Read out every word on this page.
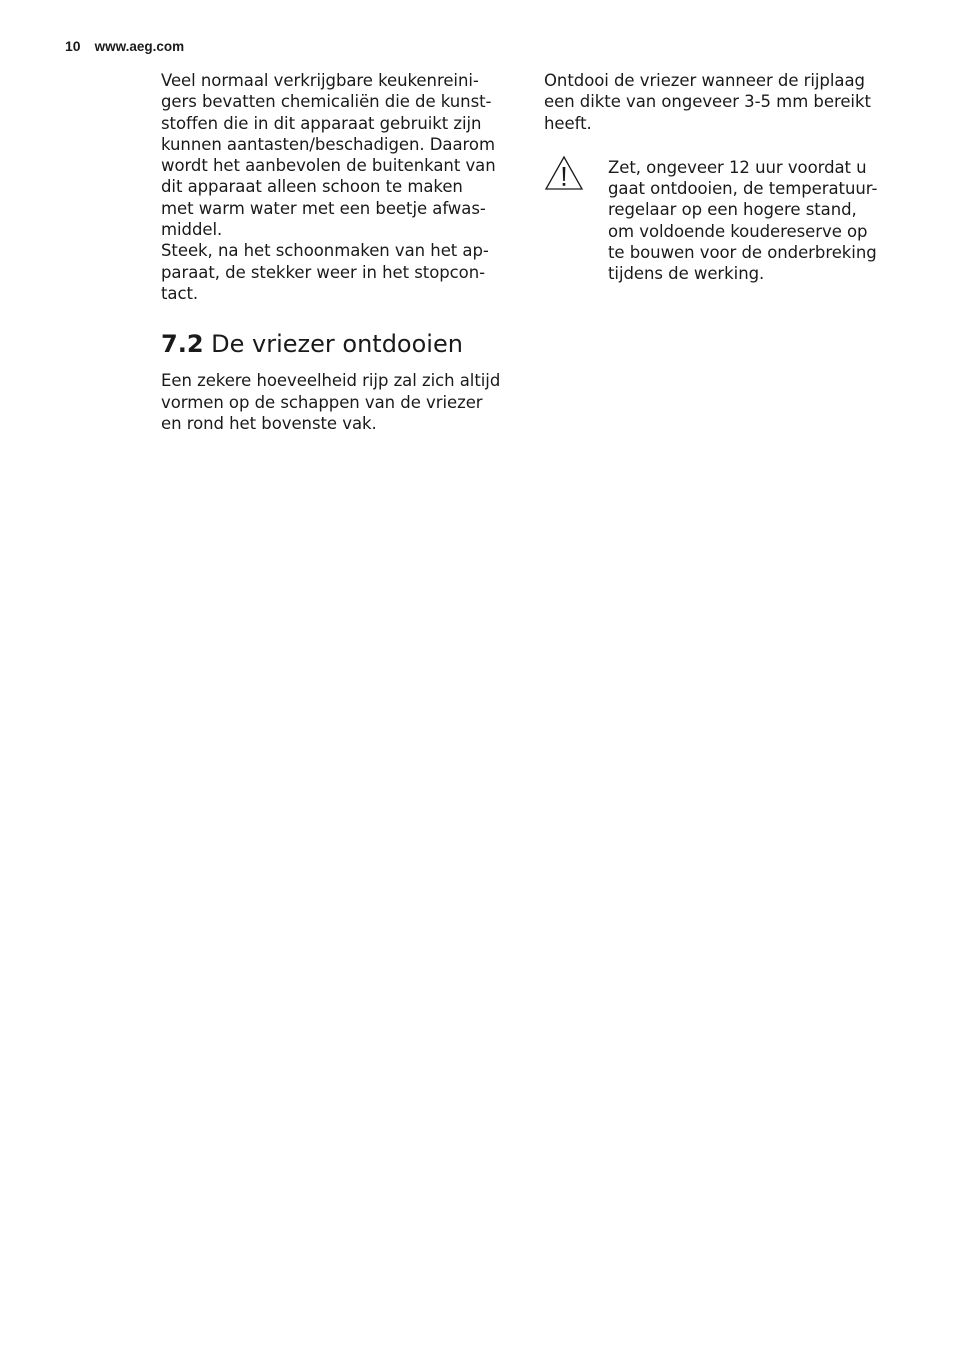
10 www.aeg.com

Veel normaal verkrijgbare keukenreini-
gers bevatten chemicaliën die de kunst-
stoffen die in dit apparaat gebruikt zijn
kunnen aantasten/beschadigen. Daarom
wordt het aanbevolen de buitenkant van
dit apparaat alleen schoon te maken
met warm water met een beetje afwas-
middel.
Steek, na het schoonmaken van het ap-
paraat, de stekker weer in het stopcon-
tact.

7.2 De vriezer ontdooien

Een zekere hoeveelheid rijp zal zich altijd
vormen op de schappen van de vriezer
en rond het bovenste vak.

Ontdooi de vriezer wanneer de rijplaag
een dikte van ongeveer 3-5 mm bereikt
heeft.

Zet, ongeveer 12 uur voordat u
gaat ontdooien, de temperatuur-
regelaar op een hogere stand,
om voldoende koudereserve op
te bouwen voor de onderbreking
tijdens de werking.
